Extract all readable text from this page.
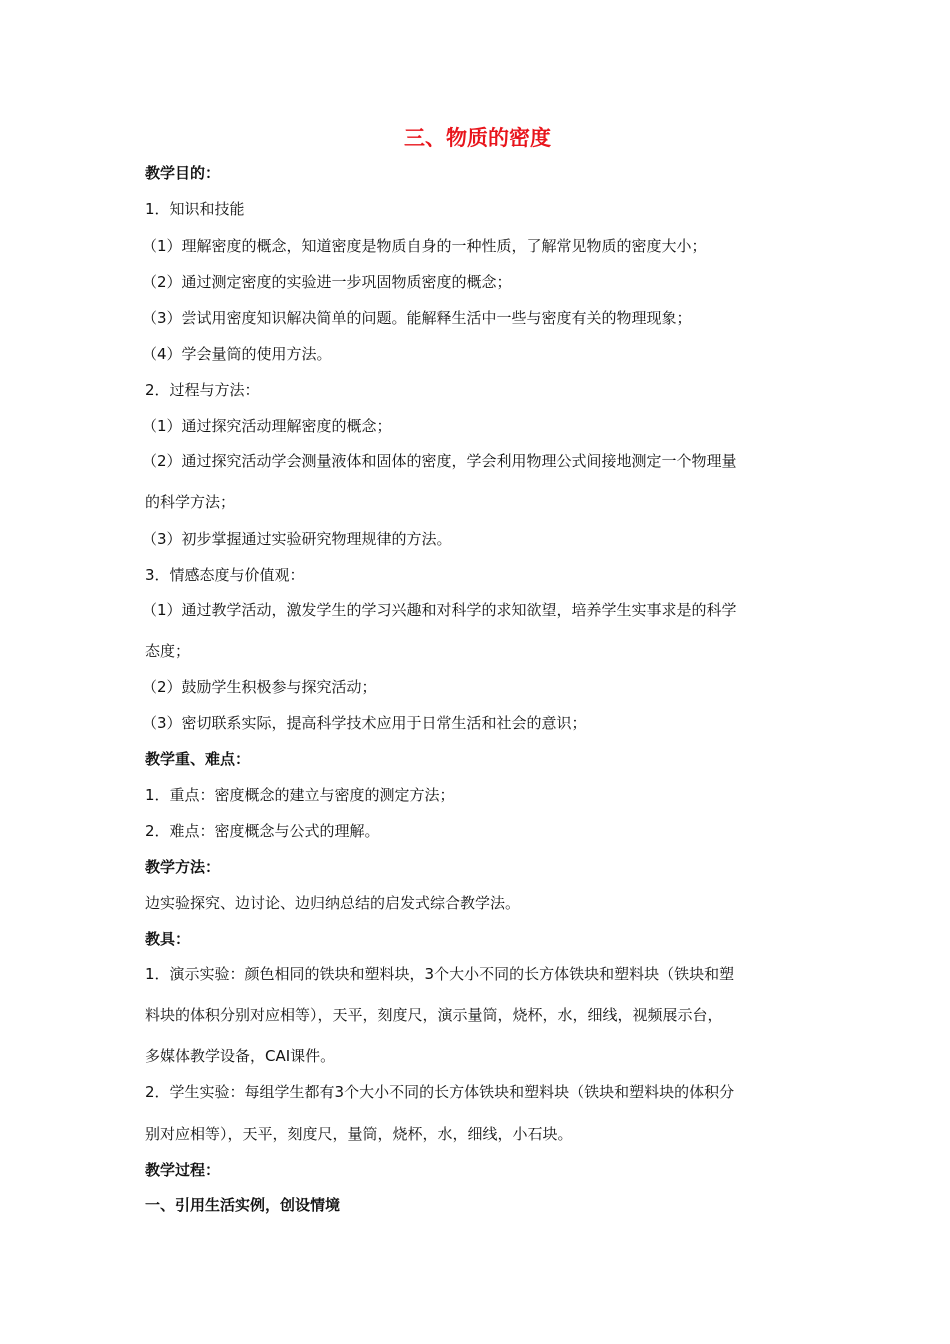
三、物质的密度

教学目的：

1．知识和技能

（1）理解密度的概念，知道密度是物质自身的一种性质，了解常见物质的密度大小；

（2）通过测定密度的实验进一步巩固物质密度的概念；

（3）尝试用密度知识解决简单的问题。能解释生活中一些与密度有关的物理现象；

（4）学会量筒的使用方法。

2．过程与方法：

（1）通过探究活动理解密度的概念；

（2）通过探究活动学会测量液体和固体的密度，学会利用物理公式间接地测定一个物理量

的科学方法；

（3）初步掌握通过实验研究物理规律的方法。

3．情感态度与价值观：

（1）通过教学活动，激发学生的学习兴趣和对科学的求知欲望，培养学生实事求是的科学

态度；

（2）鼓励学生积极参与探究活动；

（3）密切联系实际，提高科学技术应用于日常生活和社会的意识；

教学重、难点：

1．重点：密度概念的建立与密度的测定方法；

2．难点：密度概念与公式的理解。

教学方法：

边实验探究、边讨论、边归纳总结的启发式综合教学法。

教具：

1．演示实验：颜色相同的铁块和塑料块，3个大小不同的长方体铁块和塑料块（铁块和塑

料块的体积分别对应相等），天平，刻度尺，演示量筒，烧杯，水，细线，视频展示台，

多媒体教学设备，CAI课件。

2．学生实验：每组学生都有3个大小不同的长方体铁块和塑料块（铁块和塑料块的体积分

别对应相等），天平，刻度尺，量筒，烧杯，水，细线，小石块。

教学过程：

一、引用生活实例，创设情境
